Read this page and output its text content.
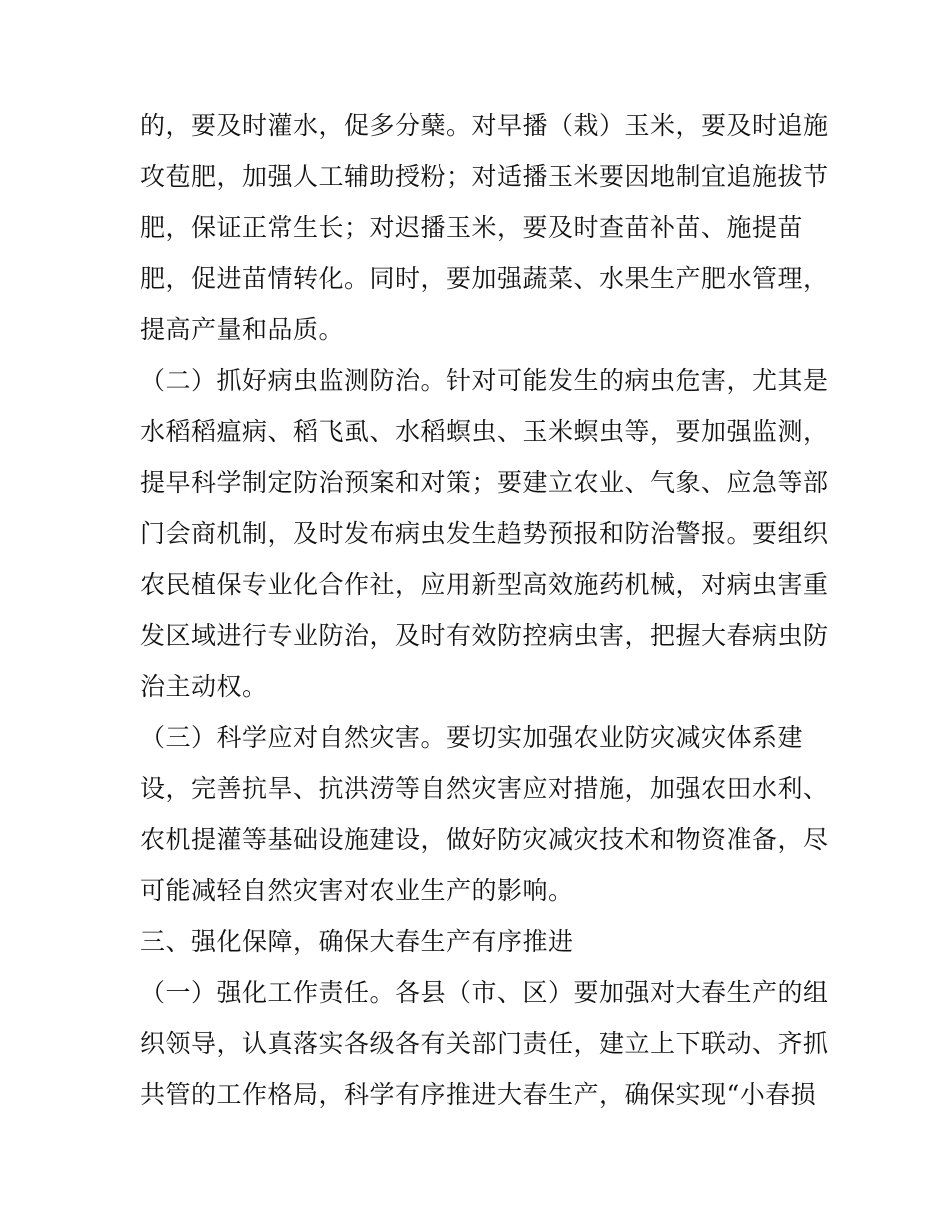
的，要及时灌水，促多分蘖。对早播（栽）玉米，要及时追施
攻苞肥，加强人工辅助授粉；对适播玉米要因地制宜追施拔节
肥，保证正常生长；对迟播玉米，要及时查苗补苗、施提苗
肥，促进苗情转化。同时，要加强蔬菜、水果生产肥水管理，
提高产量和品质。
（二）抓好病虫监测防治。针对可能发生的病虫危害，尤其是
水稻稻瘟病、稻飞虱、水稻螟虫、玉米螟虫等，要加强监测，
提早科学制定防治预案和对策；要建立农业、气象、应急等部
门会商机制，及时发布病虫发生趋势预报和防治警报。要组织
农民植保专业化合作社，应用新型高效施药机械，对病虫害重
发区域进行专业防治，及时有效防控病虫害，把握大春病虫防
治主动权。
（三）科学应对自然灾害。要切实加强农业防灾减灾体系建
设，完善抗旱、抗洪涝等自然灾害应对措施，加强农田水利、
农机提灌等基础设施建设，做好防灾减灾技术和物资准备，尽
可能减轻自然灾害对农业生产的影响。
三、强化保障，确保大春生产有序推进
（一）强化工作责任。各县（市、区）要加强对大春生产的组
织领导，认真落实各级各有关部门责任，建立上下联动、齐抓
共管的工作格局，科学有序推进大春生产，确保实现“小春损
